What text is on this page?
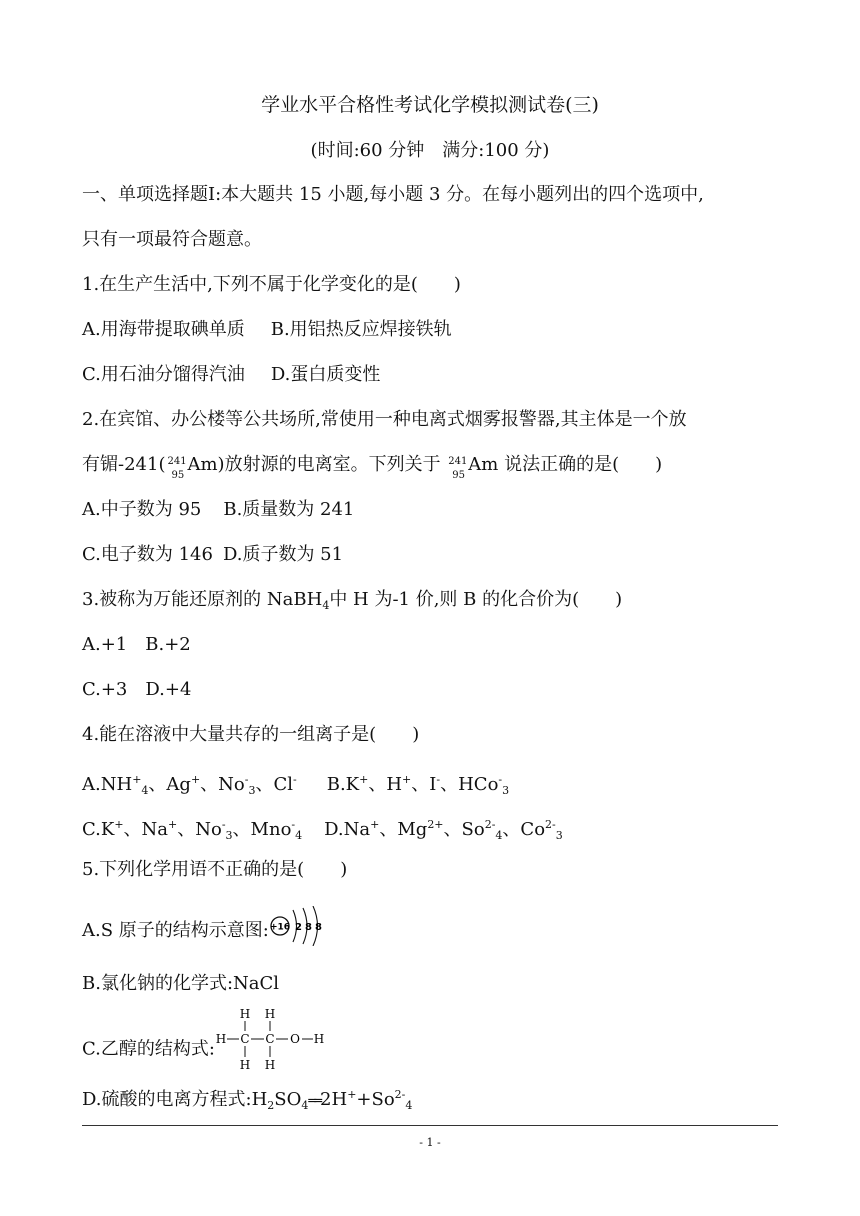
学业水平合格性考试化学模拟测试卷(三)
(时间:60 分钟　满分:100 分)
一、单项选择题Ⅰ:本大题共 15 小题,每小题 3 分。在每小题列出的四个选项中,
只有一项最符合题意。
1.在生产生活中,下列不属于化学变化的是(　　)
A.用海带提取碘单质 B.用铝热反应焊接铁轨
C.用石油分馏得汽油 D.蛋白质变性
2.在宾馆、办公楼等公共场所,常使用一种电离式烟雾报警器,其主体是一个放
有镅-241( 241
95
Am)放射源的电离室。下列关于 241
95
Am 说法正确的是(　　)
A.中子数为 95 B.质量数为 241
C.电子数为 146 D.质子数为 51
3.被称为万能还原剂的 NaBH$_4$中 H 为-1 价,则 B 的化合价为(　　)
A.+1 B.+2
C.+3 D.+4
4.能在溶液中大量共存的一组离子是(　　)
$A.NH^+_4$、Ag+、$No^-_3$、Cl- B.K+、H+、I-、HCo-$_3$
C.K+、Na+、$No^-_3$、Mno-$_4$ D.Na+、$Mg^{2+}$、$So^{2-}_4$、$Co^{2-}_3$
5.下列化学用语不正确的是(　　)
A.S 原子的结构示意图: +16 2 8 8
B.氯化钠的化学式:NaCl
C.乙醇的结构式:
H H
H C C O H
H H
D.硫酸的电离方程式$:H_2SO_4══2H^++So^{2-}_4$
- 1 -
